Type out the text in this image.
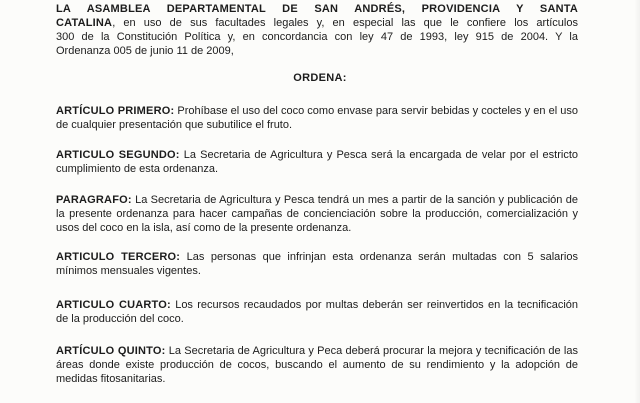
LA ASAMBLEA DEPARTAMENTAL DE SAN ANDRÉS, PROVIDENCIA Y SANTA
CATALINA, en uso de sus facultades legales y, en especial las que le confiere los artículos
300 de la Constitución Política y, en concordancia con ley 47 de 1993, ley 915 de 2004. Y la
Ordenanza 005 de junio 11 de 2009,

ORDENA:

ARTÍCULO PRIMERO: Prohíbase el uso del coco como envase para servir bebidas y cocteles y en el uso de cualquier presentación que subutilice el fruto.

ARTICULO SEGUNDO: La Secretaria de Agricultura y Pesca será la encargada de velar por el estricto cumplimiento de esta ordenanza.

PARAGRAFO: La Secretaria de Agricultura y Pesca tendrá un mes a partir de la sanción y publicación de la presente ordenanza para hacer campañas de concienciación sobre la producción, comercialización y usos del coco en la isla, así como de la presente ordenanza.

ARTICULO TERCERO: Las personas que infrinjan esta ordenanza serán multadas con 5 salarios mínimos mensuales vigentes.

ARTICULO CUARTO: Los recursos recaudados por multas deberán ser reinvertidos en la tecnificación de la producción del coco.

ARTÍCULO QUINTO: La Secretaria de Agricultura y Peca deberá procurar la mejora y tecnificación de las áreas donde existe producción de cocos, buscando el aumento de su rendimiento y la adopción de medidas fitosanitarias.
